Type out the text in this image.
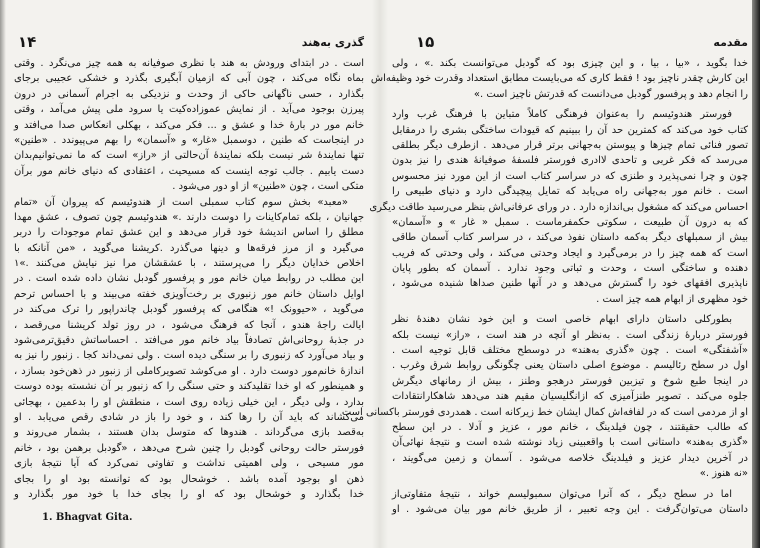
۱۴	گذری به‌هند
است . در ابتدای ورودش به هند با نظری صوفیانه به همه چیز می‌نگرد . وقتی
بماه نگاه می‌کند ، چون آبی که ازمیان آبگیری بگذرد و خشکی عجیبی برجای
بگذارد ، حسی ناگهانی حاکی از وحدت و نزدیکی به اجرام آسمانی در درون
پیرزن بوجود می‌آید . از نمایش عموزاده‌کیت یا سرود ملی پیش می‌آمد ، وقتی
خانم مور در بارهٔ خدا و عشق و ... فکر می‌کند ، بهکلی انعکاس صدا می‌افتد و
در اینجاست که طنین ، دوسمبل «غار» و «آسمان» را بهم می‌پیوندد . «طنین»
تنها نمایندهٔ شر نیست بلکه نمایندهٔ آن‌حالتی از «راز» است که ما نمی‌توانیم‌بدان
دست یابیم . جالب توجه اینست که مسیحیت ، اعتقادی که دنیای خانم مور برآن
متکی است ، چون «طنین» از او دور می‌شود .
«معبد» بخش سوم کتاب سمبلی است از هندوئیسم که پیروان آن «تمام
جهانیان ، بلکه تمام‌کاینات را دوست دارند .» هندوئیسم چون تصوف ، عشق مهدا
مطلق را اساس اندیشهٔ خود قرار می‌دهد و این عشق تمام موجودات را دربر
می‌گیرد و از مرز فرقه‌ها و دینها می‌گذرد .کریشنا می‌گوید ، «من آنانکه با
اخلاص خدایان دیگر را می‌پرستند ، با عشقشان مرا نیز نیایش می‌کنند .»۱
این مطلب در روابط میان خانم مور و پرفسور گودبل نشان داده شده است . در
اوایل داستان خانم مور زنبوری بر رخت‌آویزی خفته می‌بیند و با احساس ترحم
می‌گوید ، «حیوونک !» هنگامی که پرفسور گودبل چاندراپور را ترک می‌کند در
ایالت راجهٔ هندو ، آنجا که فرهنگ می‌شود ، در روز تولد کریشنا می‌رقصد ،
در جذبهٔ روحانی‌اش تصادفاً بیاد خانم مور می‌افتد . احساساتش دقیق‌ترمی‌شود
و بیاد می‌آورد که زنبوری را بر سنگی دیده است . ولی نمی‌داند کجا . زنبور را نیز به
اندازهٔ خانم‌مور دوست دارد . او می‌کوشد تصویرکاملی از زنبور در ذهن‌خود بسازد ،
و همینطور که او خدا تقلیدکند و حتی سنگی را که زنبور بر آن نشسته بوده دوست
بدارد ، ولی دیگر ، این خیلی زیاده روی است ، منطقش او را بدعمین ، بهجائی
می‌کشاند که باید آن را رها کند ، و خود را باز در شادی رقص می‌یابد . او
به‌قصد بازی می‌گرداند . هندوها که متوسل بدان هستند ، بشمار می‌روند و
فورستر حالت روحانی گودبل را چنین شرح می‌دهد ، «گودبل برهمن بود ، خانم
مور مسیحی ، ولی اهمیتی نداشت و تفاوتی نمی‌کرد که آیا نتیجهٔ بازی
ذهن او بوجود آمده باشد . خوشحال بود که توانسته بود او را بجای
خدا بگذارد و خوشحال بود که او را بجای خدا با خود مور بگذارد و
1. Bhagvat Gita.
۱۵	مقدمه
خدا بگوید ، «بیا ، بیا ، و این چیزی بود که گودبل می‌توانست بکند .» ، ولی
این کارش چقدر ناچیز بود ! فقط کاری که می‌بایست مطابق استعداد وقدرت خود وظیفه‌اش
را انجام دهد و پرفسور گودبل می‌دانست که قدرتش ناچیز است .»
فورستر هندوئیسم را به‌عنوان فرهنگی کاملاً متباین با فرهنگ غرب وارد
کتاب خود می‌کند که کمترین حد آن را ببینیم که قیودات ساختگی بشری را درمقابل
تصور فنائی تمام چیزها و پیوستن به‌جهانی برتر قرار می‌دهد . ازطرف دیگر بطلقی
می‌رسد که فکر غربی و تاحدی لاادری فورستر فلسفهٔ صوفیانهٔ هندی را نیز بدون
چون و چرا نمی‌پذیرد و طنزی که در سراسر کتاب است از این مورد نیز محسوس
است . خانم مور به‌جهانی راه می‌یابد که تمایل پیچیدگی دارد و دنیای طبیعی را
احساس می‌کند که مشغول بی‌اندازه دارد . در ورای عرفانی‌اش بنظر می‌رسید طاقت دیگری
که به درون آن طبیعت ، سکوتی حکمفرماست . سمبل « غار » و «آسمان»
بیش از سمبلهای دیگر به‌کمه داستان نفوذ می‌کند ، در سراسر کتاب آسمان طاقی
است که همه چیز را در برمی‌گیرد و ایجاد وحدتی می‌کند ، ولی وحدتی که فریب
دهنده و ساختگی است ، وحدت و ثباتی وجود ندارد . آسمان که بطور پایان
ناپذیری افقهای خود را گسترش می‌دهد و در آنها طنین صداها شنیده می‌شود ،
خود مظهری از ابهام همه چیز است .
بطورکلی داستان دارای ابهام خاصی است و این خود نشان دهندهٔ نظر
فورستر دربارهٔ زندگی است . به‌نظر او آنچه در هند است ، «راز» نیست بلکه
«آشفتگی» است . چون «گذری به‌هند» در دوسطح مختلف قابل توجیه است .
اول در سطح رئالیسم . موضوع اصلی داستان یعنی چگونگی روابط شرق وغرب .
در اینجا طبع شوخ و تیزبین فورستر درهجو وطنز ، بیش از رمانهای دیگرش
جلوه می‌کند . تصویر طنزآمیزی که ازانگلیسیان مقیم هند می‌دهد شاهکارانتقادات
او از مردمی است که در لفافه‌اش کمال ایشان خط زیرکانه است . همدردی فورستر باکسانی است
که طالب حقیقتند ، چون فیلدینگ ، خانم مور ، عزیز و آدلا . در این سطح
«گذری به‌هند» داستانی است با واقعبینی زیاد نوشته شده است و نتیجهٔ نهائی‌آن
در آخرین دیدار عزیز و فیلدینگ خلاصه می‌شود . آسمان و زمین می‌گویند ،
«نه هنوز .»
اما در سطح دیگر ، که آنرا می‌توان سمبولیسم خواند ، نتیجهٔ متفاوتی‌از
داستان می‌توان‌گرفت . این وجه تعبیر ، از طریق خانم مور بیان می‌شود . او
